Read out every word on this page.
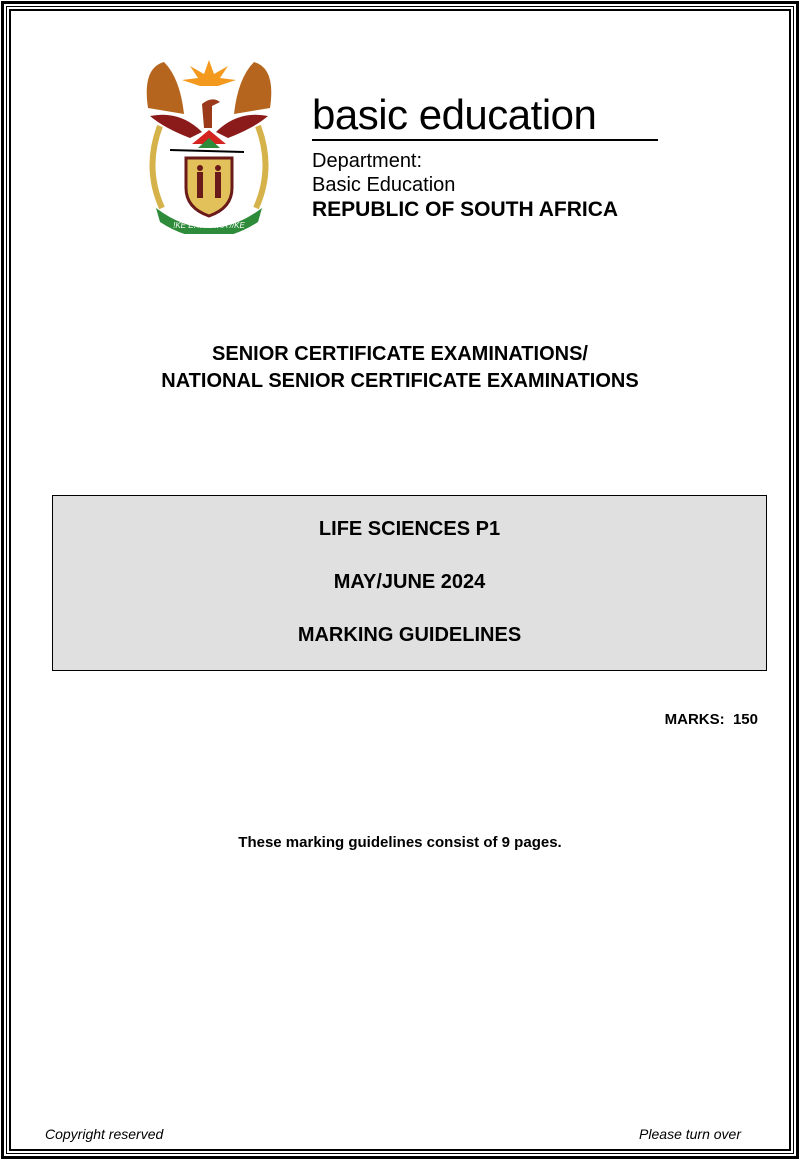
!KE E: /XARRA //KE
basic education
Department:
Basic Education
REPUBLIC OF SOUTH AFRICA
SENIOR CERTIFICATE EXAMINATIONS/
NATIONAL SENIOR CERTIFICATE EXAMINATIONS
LIFE SCIENCES P1
MAY/JUNE 2024
MARKING GUIDELINES
MARKS:  150
These marking guidelines consist of 9 pages.
Copyright reserved	Please turn over
